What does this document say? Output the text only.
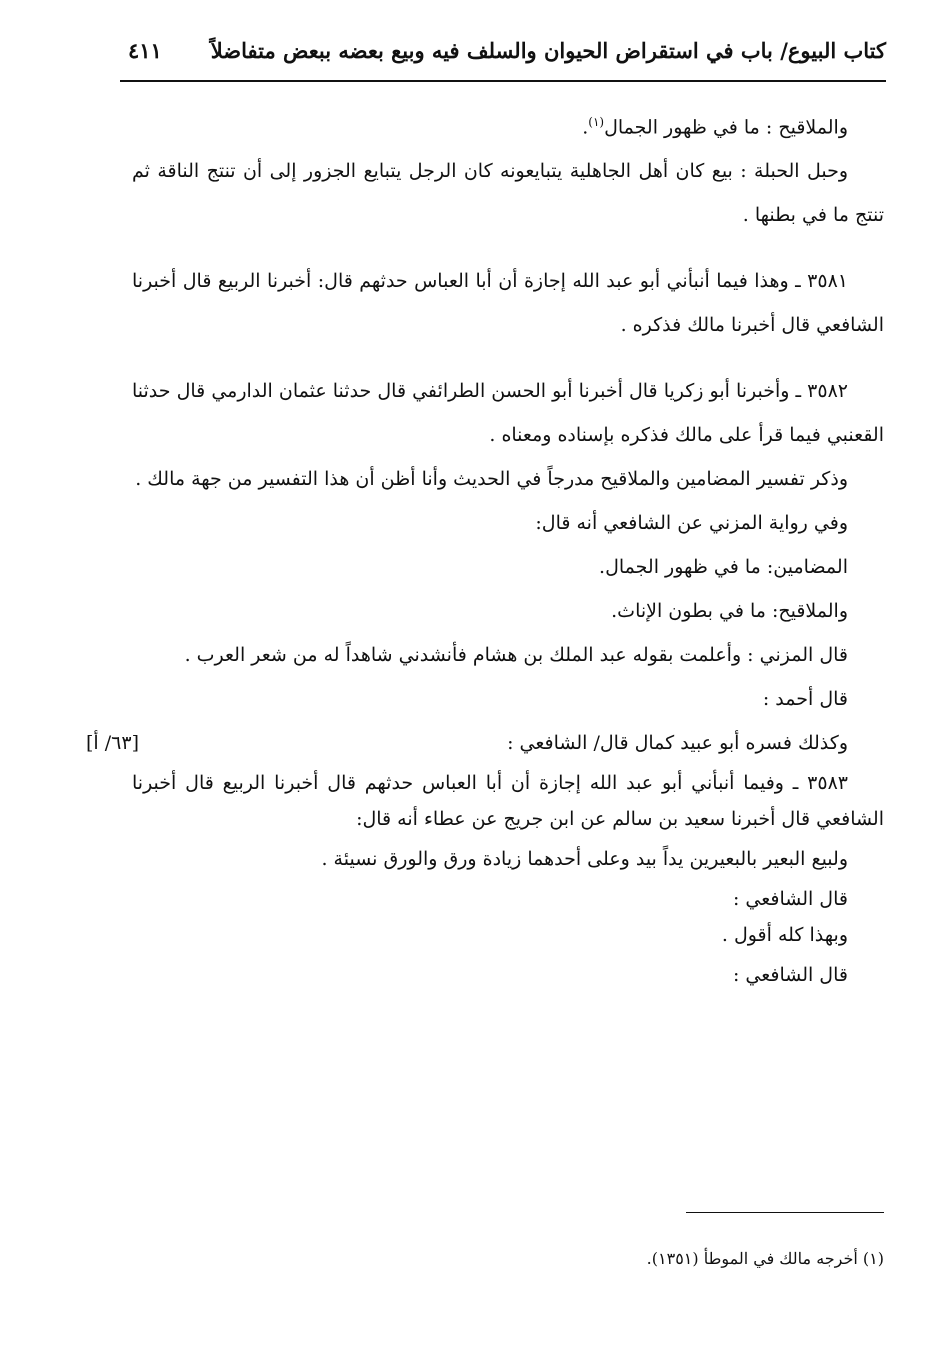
كتاب البيوع/ باب في استقراض الحيوان والسلف فيه وبيع بعضه ببعض متفاضلاً
٤١١

والملاقيح : ما في ظهور الجمال$^{(١)}$.

وحبل الحبلة : بيع كان أهل الجاهلية يتبايعونه كان الرجل يتبايع الجزور إلى أن تنتج الناقة ثم تنتج ما في بطنها .

٣٥٨١ ـ وهذا فيما أنبأني أبو عبد الله إجازة أن أبا العباس حدثهم قال: أخبرنا الربيع قال أخبرنا الشافعي قال أخبرنا مالك فذكره .

٣٥٨٢ ـ وأخبرنا أبو زكريا قال أخبرنا أبو الحسن الطرائفي قال حدثنا عثمان الدارمي قال حدثنا القعنبي فيما قرأ على مالك فذكره بإسناده ومعناه .

وذكر تفسير المضامين والملاقيح مدرجاً في الحديث وأنا أظن أن هذا التفسير من جهة مالك .

وفي رواية المزني عن الشافعي أنه قال:

المضامين: ما في ظهور الجمال.

والملاقيح: ما في بطون الإناث.

قال المزني : وأعلمت بقوله عبد الملك بن هشام فأنشدني شاهداً له من شعر العرب .

قال أحمد :

وكذلك فسره أبو عبيد كمال قال/ الشافعي :
[٦٣/ أ]

٣٥٨٣ ـ وفيما أنبأني أبو عبد الله إجازة أن أبا العباس حدثهم قال أخبرنا الربيع قال أخبرنا الشافعي قال أخبرنا سعيد بن سالم عن ابن جريج عن عطاء أنه قال:

ولبيع البعير بالبعيرين يداً بيد وعلى أحدهما زيادة ورق والورق نسيئة .

قال الشافعي :

وبهذا كله أقول .

قال الشافعي :

(١) أخرجه مالك في الموطأ (١٣٥١).
